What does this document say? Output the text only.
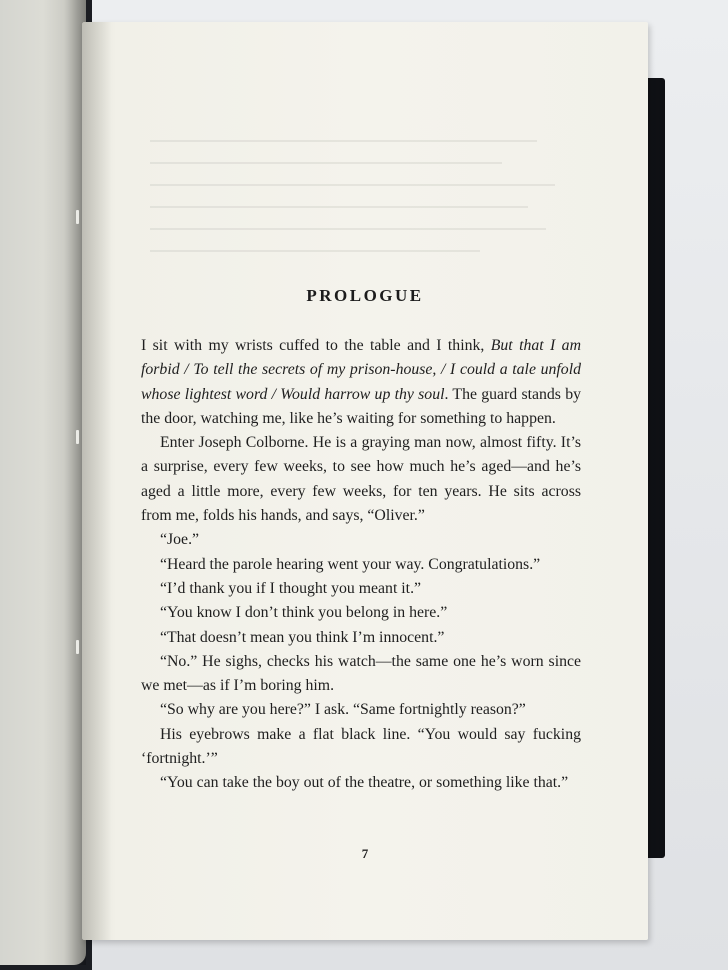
PROLOGUE

I sit with my wrists cuffed to the table and I think, But that I am forbid / To tell the secrets of my prison-house, / I could a tale unfold whose lightest word / Would harrow up thy soul. The guard stands by the door, watching me, like he’s waiting for something to happen.

Enter Joseph Colborne. He is a graying man now, almost fifty. It’s a surprise, every few weeks, to see how much he’s aged—and he’s aged a little more, every few weeks, for ten years. He sits across from me, folds his hands, and says, “Oliver.”

“Joe.”

“Heard the parole hearing went your way. Congratulations.”

“I’d thank you if I thought you meant it.”

“You know I don’t think you belong in here.”

“That doesn’t mean you think I’m innocent.”

“No.” He sighs, checks his watch—the same one he’s worn since we met—as if I’m boring him.

“So why are you here?” I ask. “Same fortnightly reason?”

His eyebrows make a flat black line. “You would say fucking ‘fortnight.’”

“You can take the boy out of the theatre, or something like that.”

7
